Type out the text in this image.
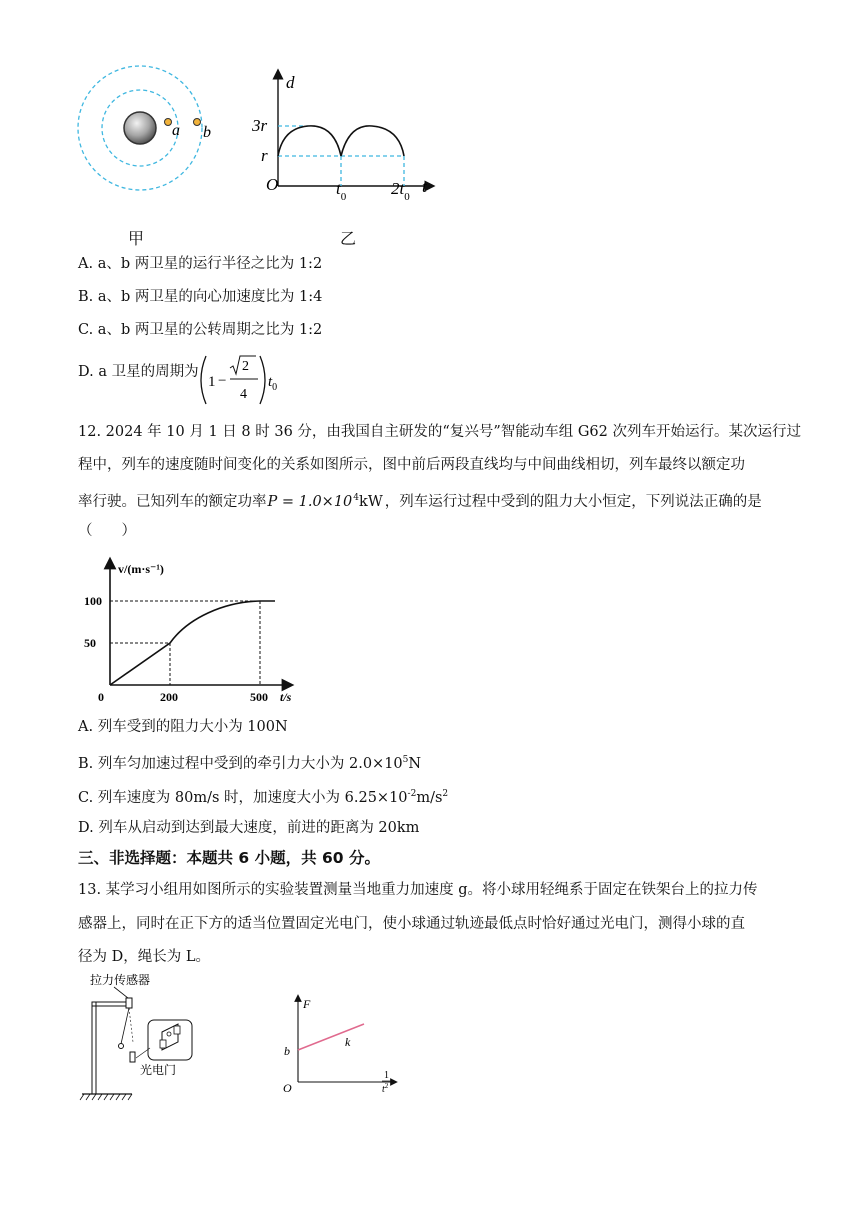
a b
甲
d
t
O
3r
r
$t_0$	$2t_0$
乙
A. a、b 两卫星的运行半径之比为 1:2
B. a、b 两卫星的向心加速度比为 1:4
C. a、b 两卫星的公转周期之比为 1:2
D. a 卫星的周期为
1 −
2
4
$t_0$
12. 2024 年 10 月 1 日 8 时 36 分，由我国自主研发的“复兴号”智能动车组 G62 次列车开始运行。某次运行过
程中，列车的速度随时间变化的关系如图所示，图中前后两段直线均与中间曲线相切，列车最终以额定功
率行驶。已知列车的额定功率$P = 1.0\times 10^4kW$ ，列车运行过程中受到的阻力大小恒定，下列说法正确的是
（　　）
v/(m·s⁻¹)
t/s
0
50
100
200	500
A. 列车受到的阻力大小为 100N
B. 列车匀加速过程中受到的牵引力大小为 $2.0\times 10^5N$
C. 列车速度为 80m/s 时，加速度大小为 $6.25\times 10^{-2}m/s^2$
D. 列车从启动到达到最大速度，前进的距离为 20km
三、非选择题：本题共 6 小题，共 60 分。
13. 某学习小组用如图所示的实验装置测量当地重力加速度 g。将小球用轻绳系于固定在铁架台上的拉力传
感器上，同时在正下方的适当位置固定光电门，使小球通过轨迹最低点时恰好通过光电门，测得小球的直
径为 D，绳长为 L。
拉力传感器
光电门
F
O
b
k
1
$t^2$
